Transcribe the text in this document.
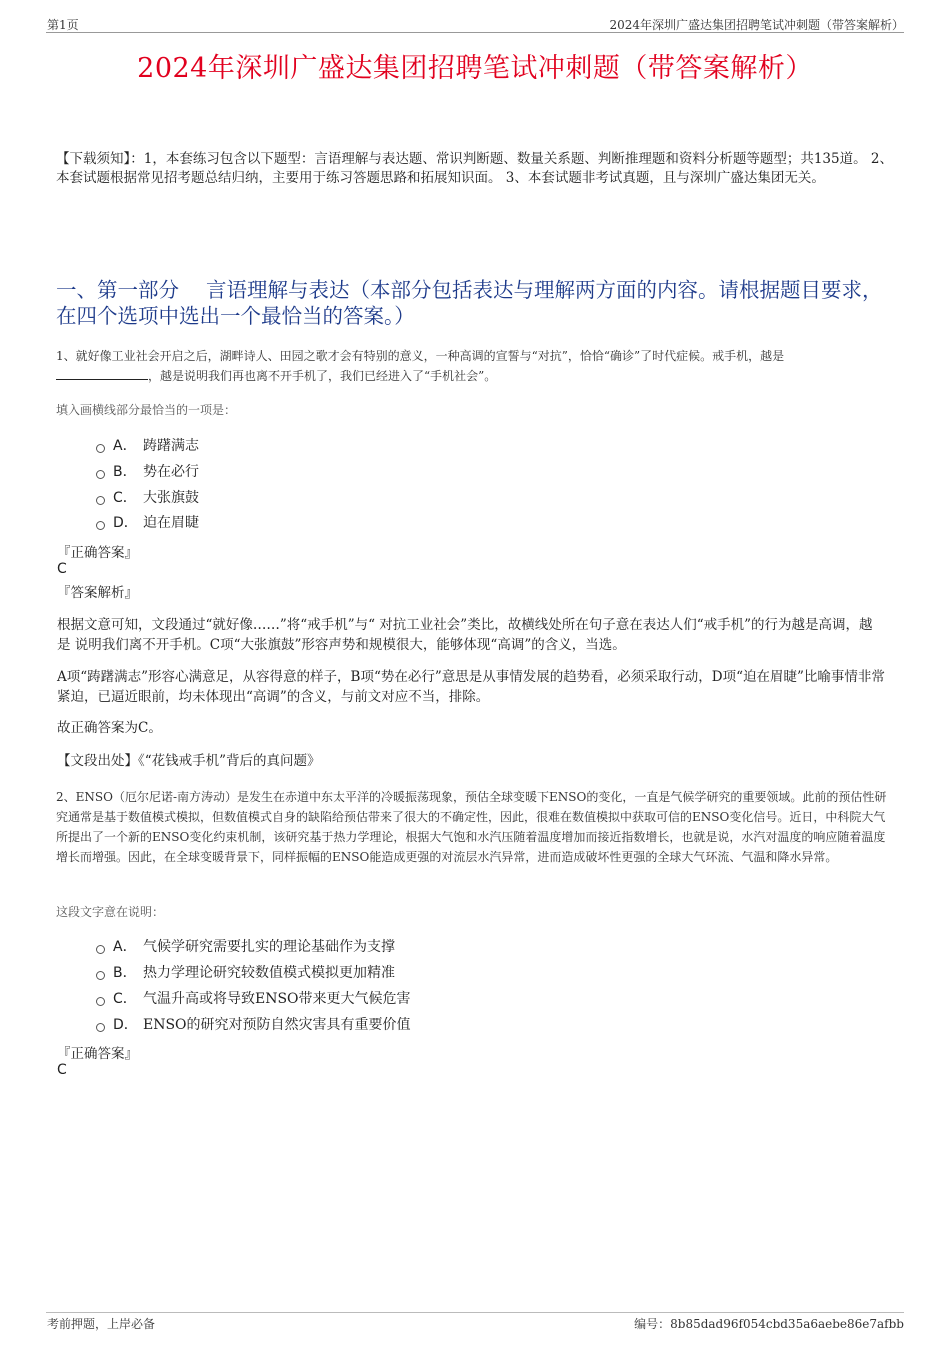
第1页	2024年深圳广盛达集团招聘笔试冲刺题（带答案解析）
2024年深圳广盛达集团招聘笔试冲刺题（带答案解析）
【下载须知】：1，本套练习包含以下题型：言语理解与表达题、常识判断题、数量关系题、判断推理题和资料分析题等题型；共135道。 2、本套试题根据常见招考题总结归纳，主要用于练习答题思路和拓展知识面。 3、本套试题非考试真题，且与深圳广盛达集团无关。
一、第一部分　 言语理解与表达（本部分包括表达与理解两方面的内容。请根据题目要求，在四个选项中选出一个最恰当的答案。）
1、就好像工业社会开启之后，湖畔诗人、田园之歌才会有特别的意义，一种高调的宣誓与“对抗”，恰恰“确诊”了时代症候。戒手机，越是
，越是说明我们再也离不开手机了，我们已经进入了“手机社会”。
填入画横线部分最恰当的一项是：
A． 踌躇满志
B． 势在必行
C． 大张旗鼓
D． 迫在眉睫
『正确答案』
C
『答案解析』
根据文意可知，文段通过“就好像……”将“戒手机”与“ 对抗工业社会”类比，故横线处所在句子意在表达人们“戒手机”的行为越是高调，越 是 说明我们离不开手机。C项“大张旗鼓”形容声势和规模很大，能够体现“高调”的含义，当选。
A项“踌躇满志”形容心满意足，从容得意的样子，B项“势在必行”意思是从事情发展的趋势看，必须采取行动，D项“迫在眉睫”比喻事情非常紧迫，已逼近眼前，均未体现出“高调”的含义，与前文对应不当，排除。
故正确答案为C。
【文段出处】《“花钱戒手机”背后的真问题》
2、ENSO（厄尔尼诺-南方涛动）是发生在赤道中东太平洋的冷暖振荡现象，预估全球变暖下ENSO的变化，一直是气候学研究的重要领域。此前的预估性研究通常是基于数值模式模拟，但数值模式自身的缺陷给预估带来了很大的不确定性，因此，很难在数值模拟中获取可信的ENSO变化信号。近日，中科院大气所提出了一个新的ENSO变化约束机制，该研究基于热力学理论，根据大气饱和水汽压随着温度增加而接近指数增长，也就是说，水汽对温度的响应随着温度增长而增强。因此，在全球变暖背景下，同样振幅的ENSO能造成更强的对流层水汽异常，进而造成破坏性更强的全球大气环流、气温和降水异常。
这段文字意在说明：
A． 气候学研究需要扎实的理论基础作为支撑
B． 热力学理论研究较数值模式模拟更加精准
C． 气温升高或将导致ENSO带来更大气候危害
D． ENSO的研究对预防自然灾害具有重要价值
『正确答案』
C
考前押题，上岸必备	编号：8b85dad96f054cbd35a6aebe86e7afbb
